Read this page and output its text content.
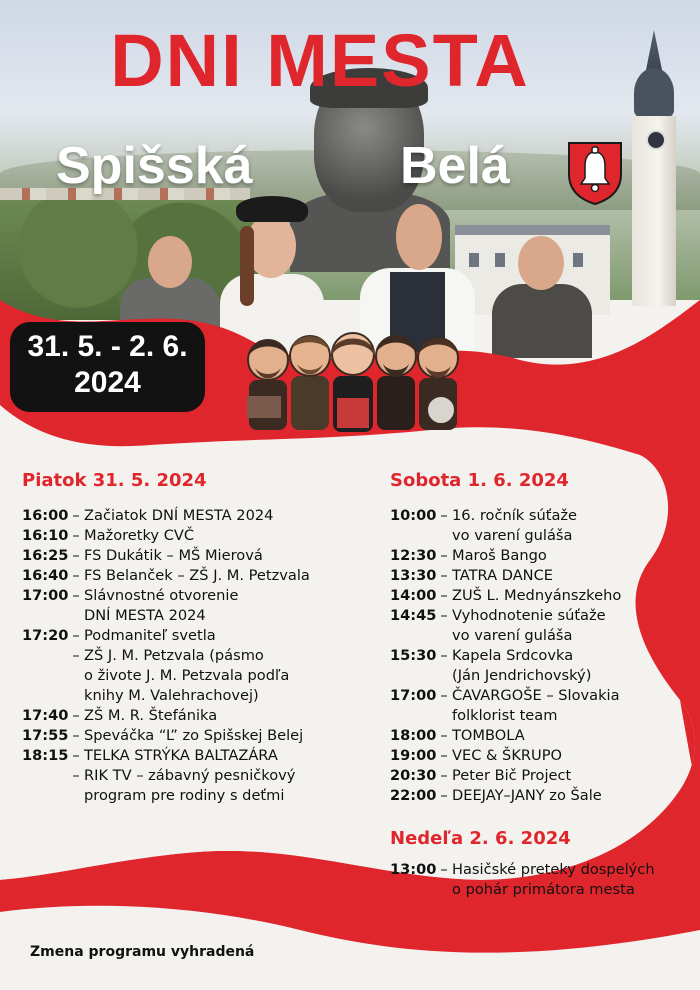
DNI MESTA
Spišská	Belá
31. 5. - 2. 6.
2024
Piatok 31. 5. 2024
16:00 – Začiatok DNÍ MESTA 2024
16:10 – Mažoretky CVČ
16:25 – FS Dukátik – MŠ Mierová
16:40 – FS Belanček – ZŠ J. M. Petzvala
17:00 – Slávnostné otvorenie
DNÍ MESTA 2024
17:20 – Podmaniteľ svetla
– ZŠ J. M. Petzvala (pásmo
o živote J. M. Petzvala podľa
knihy M. Valehrachovej)
17:40 – ZŠ M. R. Štefánika
17:55 – Speváčka “L” zo Spišskej Belej
18:15 – TELKA STRÝKA BALTAZÁRA
– RIK TV – zábavný pesničkový
program pre rodiny s deťmi
Sobota 1. 6. 2024
10:00 – 16. ročník súťaže
vo varení guláša
12:30 – Maroš Bango
13:30 – TATRA DANCE
14:00 – ZUŠ L. Mednyánszkeho
14:45 – Vyhodnotenie súťaže
vo varení guláša
15:30 – Kapela Srdcovka
(Ján Jendrichovský)
17:00 – ČAVARGOŠE – Slovakia
folklorist team
18:00 – TOMBOLA
19:00 – VEC & ŠKRUPO
20:30 – Peter Bič Project
22:00 – DEEJAY–JANY zo Šale
Nedeľa 2. 6. 2024
13:00 – Hasičské preteky dospelých
o pohár primátora mesta
Zmena programu vyhradená
